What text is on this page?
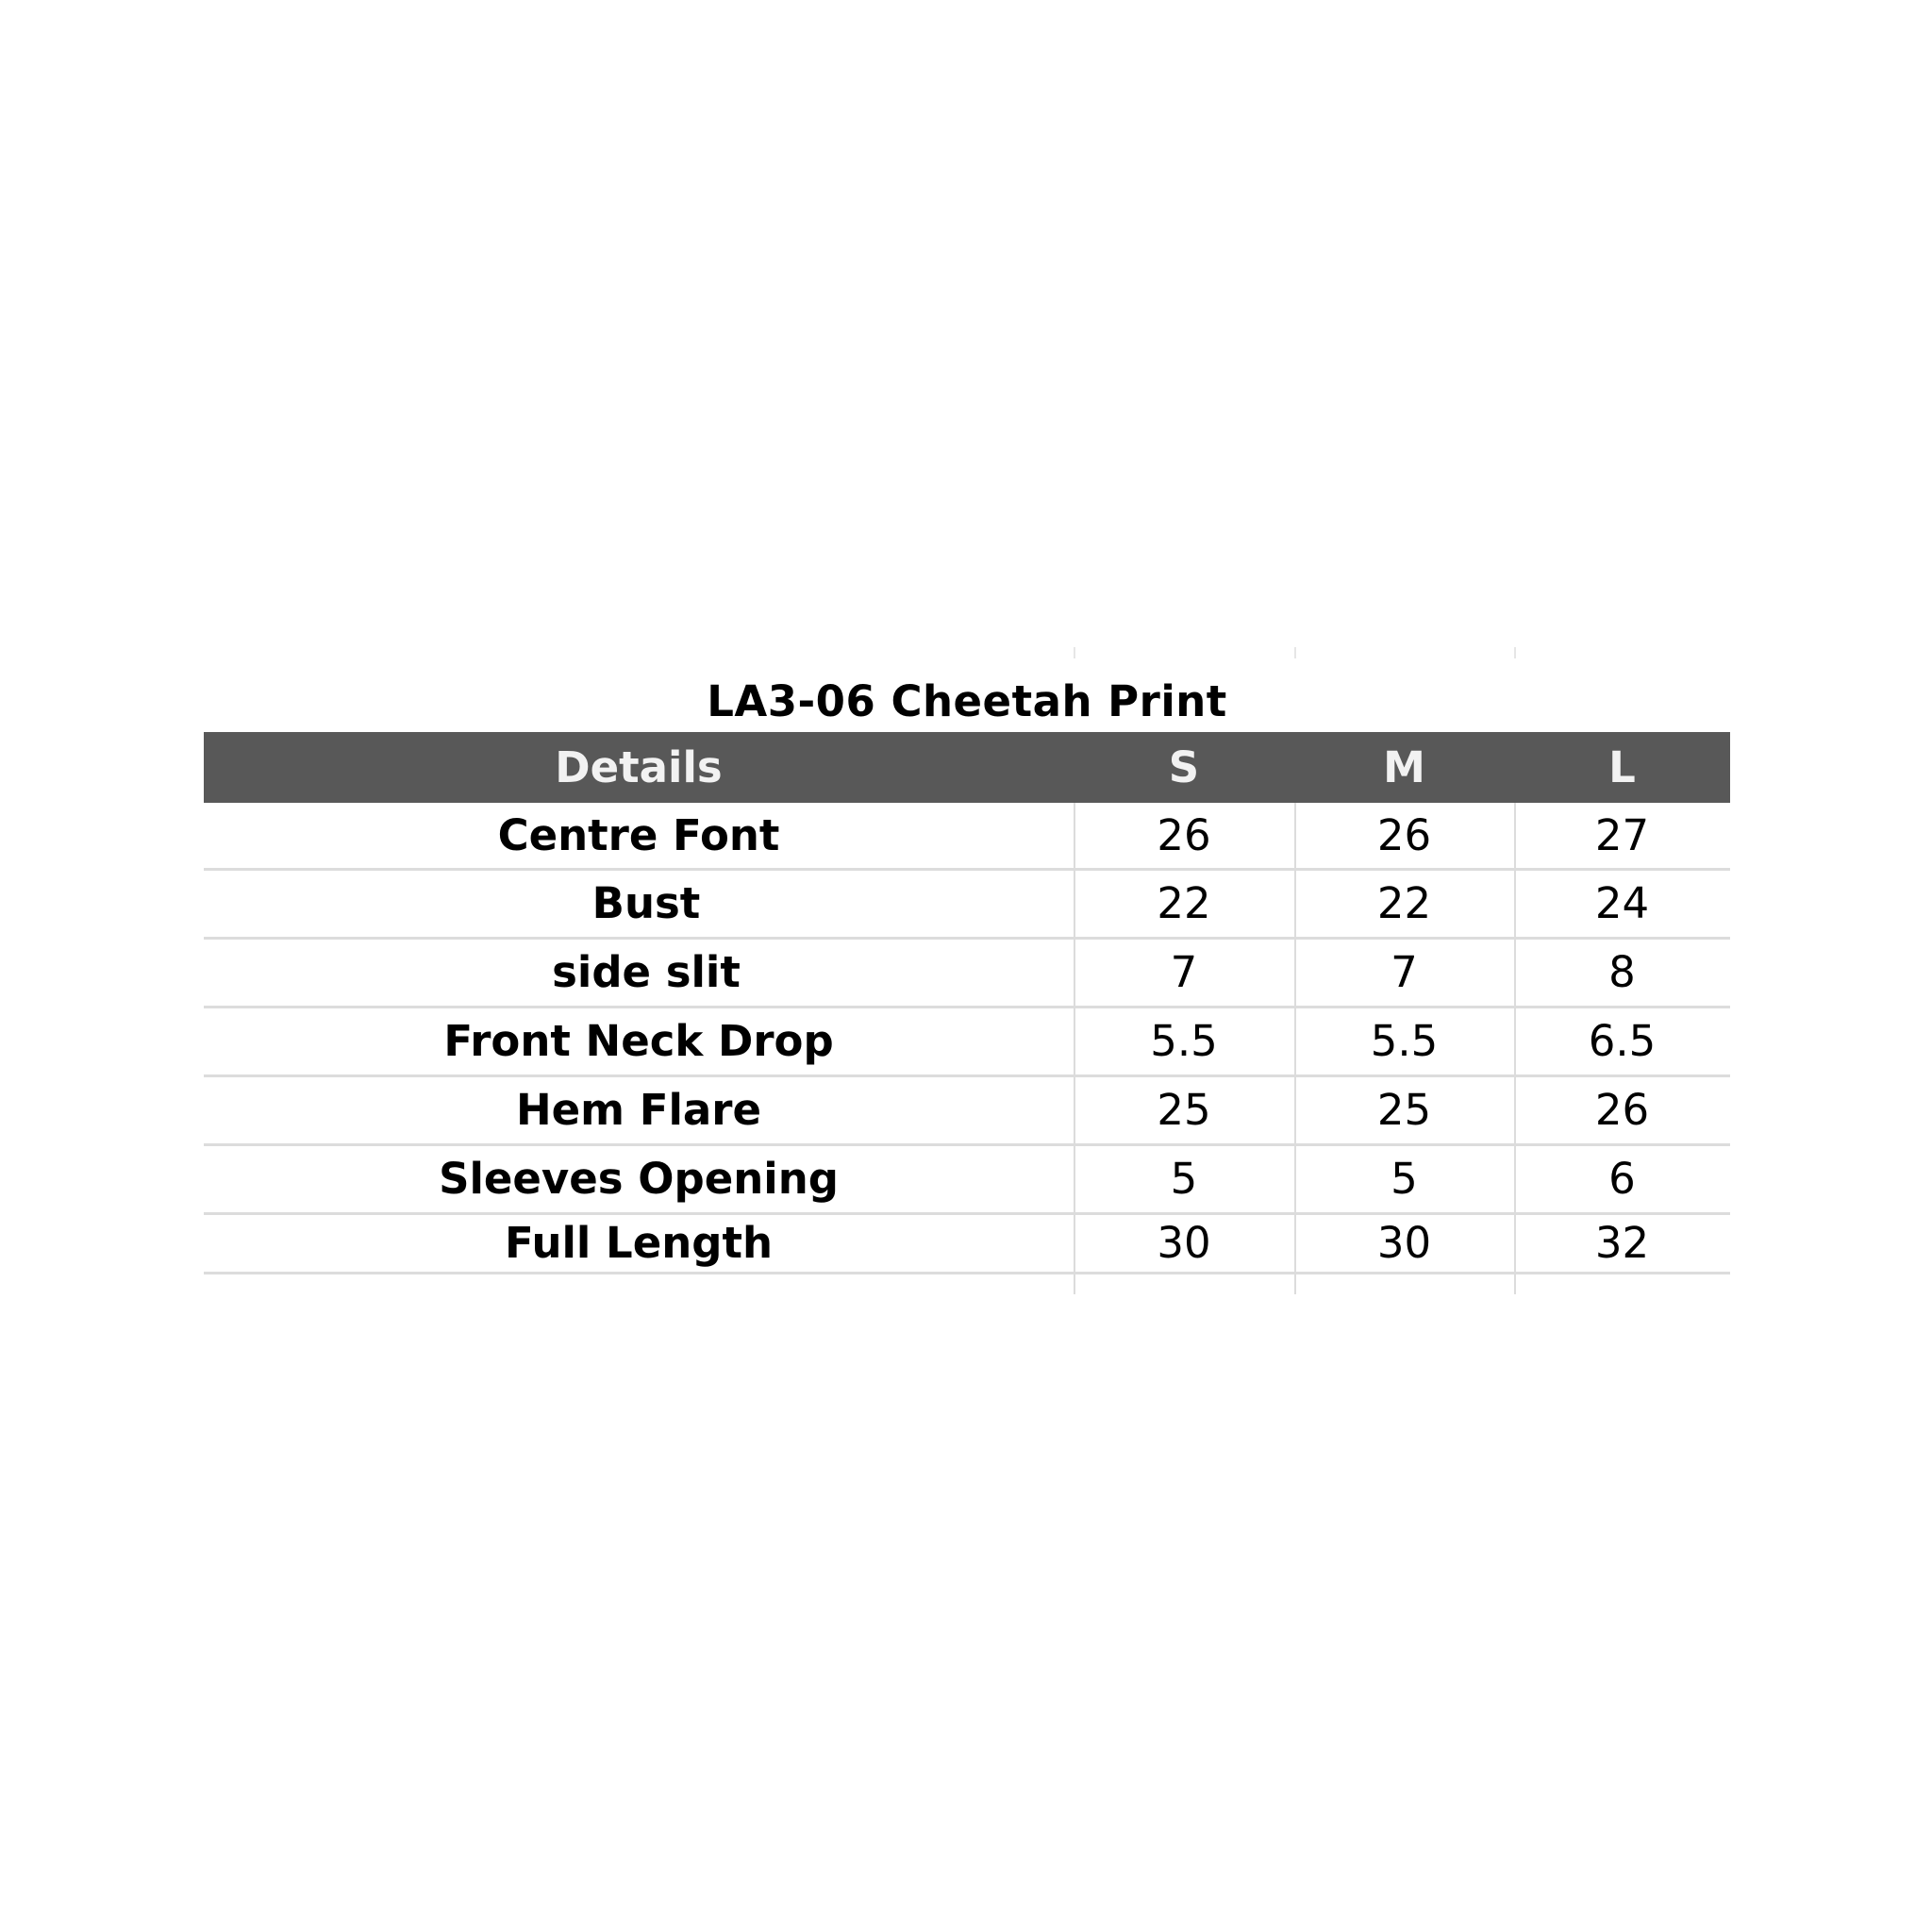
LA3-06 Cheetah Print
Details	S	M	L
Centre Font	26	26	27
Bust	22	22	24
side slit	7	7	8
Front Neck Drop	5.5	5.5	6.5
Hem Flare	25	25	26
Sleeves Opening	5	5	6
Full Length	30	30	32
